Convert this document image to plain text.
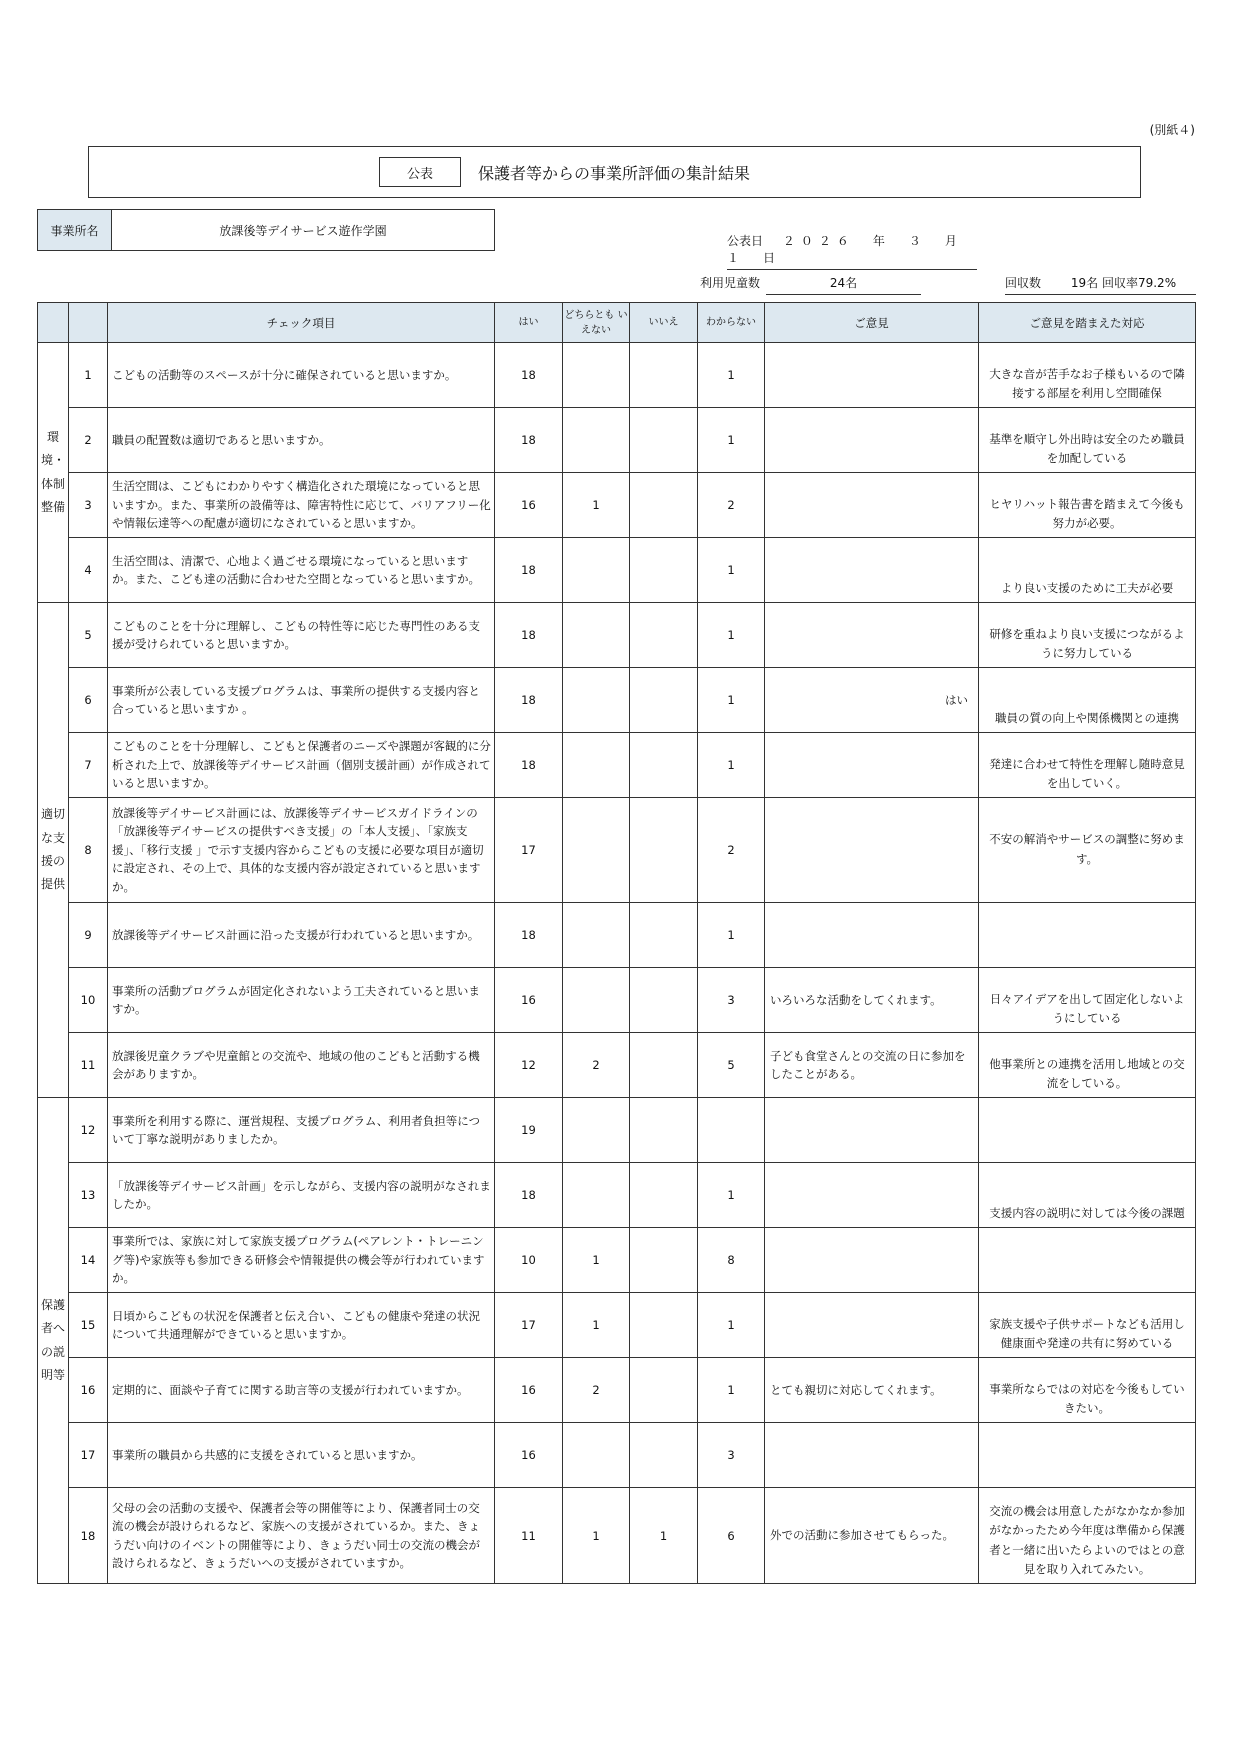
(別紙４)
公表	保護者等からの事業所評価の集計結果
事業所名	放課後等デイサービス遊作学園
公表日 ２０２６　年　３　月　１　日
利用児童数	24名	回収数 19名 回収率79.2%
		チェック項目	はい	どちらとも いえない	いいえ	わからない	ご意見	ご意見を踏まえた対応
環境・体制整備	1	こどもの活動等のスペースが十分に確保されていると思いますか。	18			1		大きな音が苦手なお子様もいるので隣接する部屋を利用し空間確保
	2	職員の配置数は適切であると思いますか。	18			1		基準を順守し外出時は安全のため職員を加配している
	3	生活空間は、こどもにわかりやすく構造化された環境になっていると思いますか。また、事業所の設備等は、障害特性に応じて、バリアフリー化や情報伝達等への配慮が適切になされていると思いますか。	16	1		2		ヒヤリハット報告書を踏まえて今後も努力が必要。
	4	生活空間は、清潔で、心地よく過ごせる環境になっていると思いますか。また、こども達の活動に合わせた空間となっていると思いますか。	18			1		より良い支援のために工夫が必要
適切な支援の提供	5	こどものことを十分に理解し、こどもの特性等に応じた専門性のある支援が受けられていると思いますか。	18			1		研修を重ねより良い支援につながるように努力している
	6	事業所が公表している支援プログラムは、事業所の提供する支援内容と合っていると思いますか 。	18			1	はい	職員の質の向上や関係機関との連携
	7	こどものことを十分理解し、こどもと保護者のニーズや課題が客観的に分析された上で、放課後等デイサービス計画（個別支援計画）が作成されていると思いますか。	18			1		発達に合わせて特性を理解し随時意見を出していく。
	8	放課後等デイサービス計画には、放課後等デイサービスガイドラインの「放課後等デイサービスの提供すべき支援」の「本人支援」、「家族支援」、「移行支援 」で示す支援内容からこどもの支援に必要な項目が適切に設定され、その上で、具体的な支援内容が設定されていると思いますか。	17			2		不安の解消やサービスの調整に努めます。
	9	放課後等デイサービス計画に沿った支援が行われていると思いますか。	18			1		
	10	事業所の活動プログラムが固定化されないよう工夫されていると思いますか。	16			3	いろいろな活動をしてくれます。	日々アイデアを出して固定化しないようにしている
	11	放課後児童クラブや児童館との交流や、地域の他のこどもと活動する機会がありますか。	12	2		5	子ども食堂さんとの交流の日に参加をしたことがある。	他事業所との連携を活用し地域との交流をしている。
保護者への説明等	12	事業所を利用する際に、運営規程、支援プログラム、利用者負担等について丁寧な説明がありましたか。	19					
	13	「放課後等デイサービス計画」を示しながら、支援内容の説明がなされましたか。	18			1		支援内容の説明に対しては今後の課題
	14	事業所では、家族に対して家族支援プログラム(ペアレント・トレーニング等)や家族等も参加できる研修会や情報提供の機会等が行われていますか。	10	1		8		
	15	日頃からこどもの状況を保護者と伝え合い、こどもの健康や発達の状況について共通理解ができていると思いますか。	17	1		1		家族支援や子供サポートなども活用し健康面や発達の共有に努めている
	16	定期的に、面談や子育てに関する助言等の支援が行われていますか。	16	2		1	とても親切に対応してくれます。	事業所ならではの対応を今後もしていきたい。
	17	事業所の職員から共感的に支援をされていると思いますか。	16			3		
	18	父母の会の活動の支援や、保護者会等の開催等により、保護者同士の交流の機会が設けられるなど、家族への支援がされているか。また、きょうだい向けのイベントの開催等により、きょうだい同士の交流の機会が設けられるなど、きょうだいへの支援がされていますか。	11	1	1	6	外での活動に参加させてもらった。	交流の機会は用意したがなかなか参加がなかったため今年度は準備から保護者と一緒に出いたらよいのではとの意見を取り入れてみたい。
